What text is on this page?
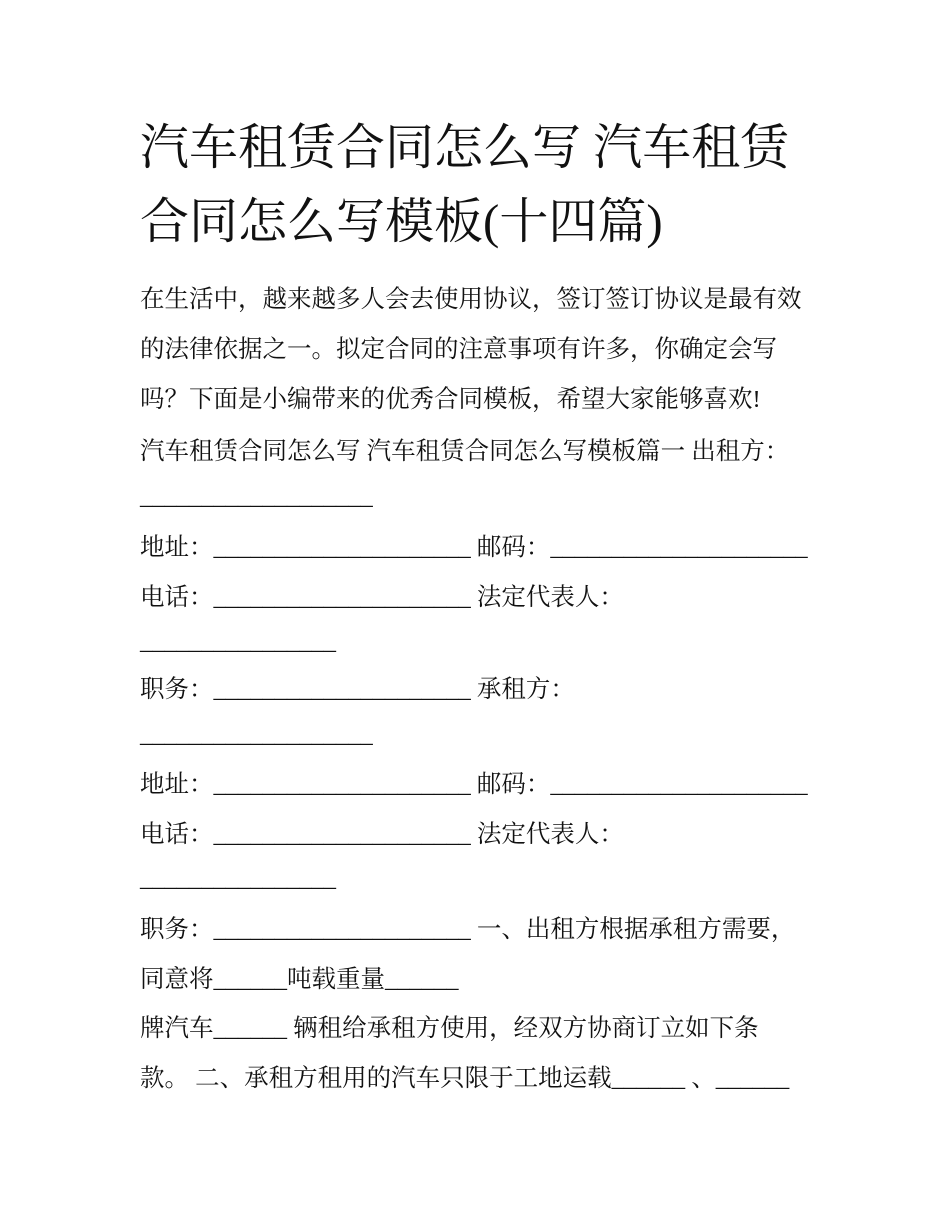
汽车租赁合同怎么写 汽车租赁
合同怎么写模板(十四篇)
在生活中，越来越多人会去使用协议，签订签订协议是最有效
的法律依据之一。拟定合同的注意事项有许多，你确定会写
吗？下面是小编带来的优秀合同模板，希望大家能够喜欢!
汽车租赁合同怎么写 汽车租赁合同怎么写模板篇一 出租方：
___________________
地址：_____________________ 邮码：_____________________
电话：_____________________ 法定代表人：
________________
职务：_____________________ 承租方：
___________________
地址：_____________________ 邮码：_____________________
电话：_____________________ 法定代表人：
________________
职务：_____________________ 一、出租方根据承租方需要，
同意将______吨载重量______
牌汽车______ 辆租给承租方使用，经双方协商订立如下条
款。 二、承租方租用的汽车只限于工地运载______ 、______
